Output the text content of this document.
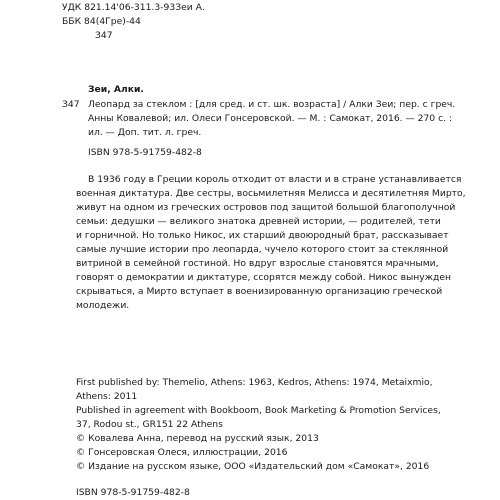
УДК 821.14'06-311.3-93Зеи А.
ББК 84(4Гре)-44
З47
Зеи, Алки.
З47 Леопард за стеклом : [для сред. и ст. шк. возраста] / Алки Зеи; пер. с греч.
Анны Ковалевой; ил. Олеси Гонсеровской. — М. : Самокат, 2016. — 270 с. :
ил. — Доп. тит. л. греч.
ISBN 978-5-91759-482-8
В 1936 году в Греции король отходит от власти и в стране устанавливается
военная диктатура. Две сестры, восьмилетняя Мелисса и десятилетняя Мирто,
живут на одном из греческих островов под защитой большой благополучной
семьи: дедушки — великого знатока древней истории, — родителей, тети
и горничной. Но только Никос, их старший двоюродный брат, рассказывает
самые лучшие истории про леопарда, чучело которого стоит за стеклянной
витриной в семейной гостиной. Но вдруг взрослые становятся мрачными,
говорят о демократии и диктатуре, ссорятся между собой. Никос вынужден
скрываться, а Мирто вступает в военизированную организацию греческой
молодежи.
First published by: Themelio, Athens: 1963, Kedros, Athens: 1974, Metaixmio,
Athens: 2011
Published in agreement with Bookboom, Book Marketing & Promotion Services,
37, Rodou st., GR151 22 Athens
© Ковалева Анна, перевод на русский язык, 2013
© Гонсеровская Олеся, иллюстрации, 2016
© Издание на русском языке, ООО «Издательский дом «Самокат», 2016
ISBN 978-5-91759-482-8
